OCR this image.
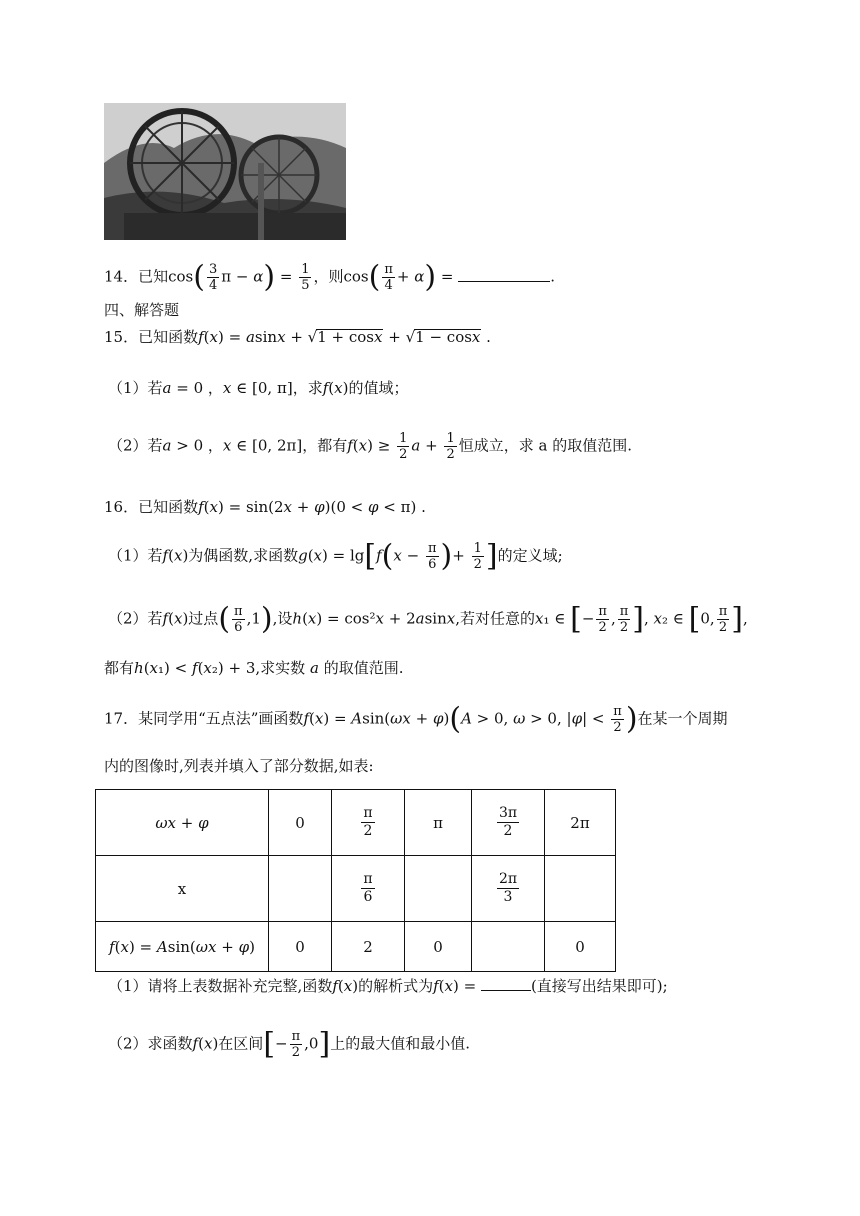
14．已知$\cos( \frac{3}{4}$ $\pi - \alpha) = \frac{1}{5}$ ，则$\cos( \frac{\pi}{4} + \alpha)$ =	.
四、解答题
15．已知函数f(x) = asinx + √1 + cosx + √1 − cosx .
（1）若a = 0 ，x ∈ [0, π]，求f(x)的值域；
（2）若a > 0 ，x ∈ [0, 2π]，都有$f(x) \ge \frac{1}{2}$ $a + \frac{1}{2}$ 恒成立，求 a 的取值范围.
16．已知函数f(x) = sin(2x + φ)(0 < φ < π) .
（1）若f(x)为偶函数,求函数$g(x) = \lg[f(x - \frac{\pi}{6}$ )+ $\frac{1}{2}$ ]的定义域;
（2）若f(x)过点( $\frac{\pi}{6} ,1$),设h(x) = cos²x + 2asinx,若对任意的x₁ ∈ [− $\frac{\pi}{2}$ , $\frac{\pi}{2}$ ], x₂ ∈ [0, $\frac{\pi}{2}$ ],
都有h(x₁) < f(x₂) + 3,求实数 a 的取值范围.
17．某同学用“五点法”画函数f(x) = Asin(ωx + φ)(A > 0, ω > 0, $|\varphi| < \frac{\pi}{2}$ )在某一个周期
内的图像时,列表并填入了部分数据,如表:
ωx + φ	0	$\frac{\pi}{2}$	π	$\frac{3\pi}{2}$	2π
x		$\frac{\pi}{6}$		$\frac{2\pi}{3}$

f(x) = Asin(ωx + φ)	0	2	0		0
（1）请将上表数据补充完整,函数f(x)的解析式为f(x) =	(直接写出结果即可);
（2）求函数f(x)在区间[− $\frac{\pi}{2} ,0$]上的最大值和最小值.
